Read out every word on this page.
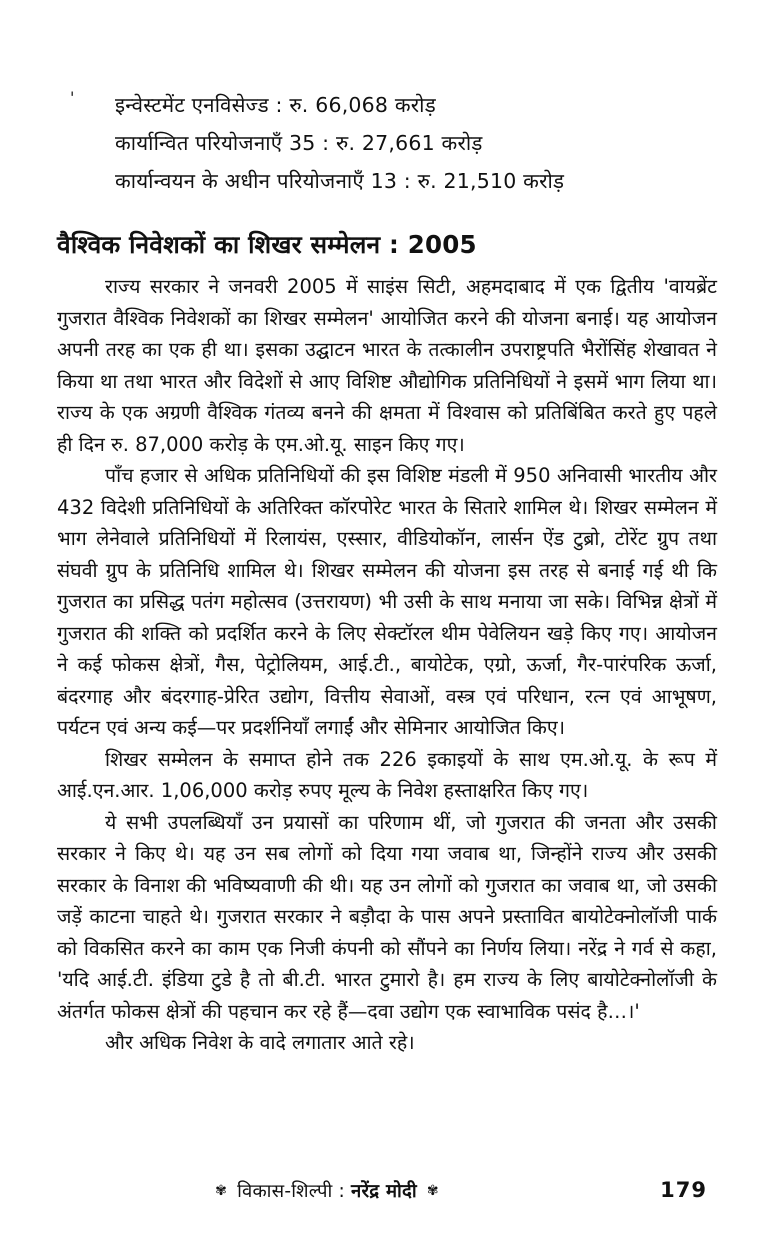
' इन्वेस्टमेंट एनविसेज्ड : रु. 66,068 करोड़
कार्यान्वित परियोजनाएँ 35 : रु. 27,661 करोड़
कार्यान्वयन के अधीन परियोजनाएँ 13 : रु. 21,510 करोड़
वैश्विक निवेशकों का शिखर सम्मेलन : 2005

राज्य सरकार ने जनवरी 2005 में साइंस सिटी, अहमदाबाद में एक द्वितीय 'वायब्रेंट गुजरात वैश्विक निवेशकों का शिखर सम्मेलन' आयोजित करने की योजना बनाई। यह आयोजन अपनी तरह का एक ही था। इसका उद्घाटन भारत के तत्कालीन उपराष्ट्रपति भैरोंसिंह शेखावत ने किया था तथा भारत और विदेशों से आए विशिष्ट औद्योगिक प्रतिनिधियों ने इसमें भाग लिया था। राज्य के एक अग्रणी वैश्विक गंतव्य बनने की क्षमता में विश्वास को प्रतिबिंबित करते हुए पहले ही दिन रु. 87,000 करोड़ के एम.ओ.यू. साइन किए गए।

पाँच हजार से अधिक प्रतिनिधियों की इस विशिष्ट मंडली में 950 अनिवासी भारतीय और 432 विदेशी प्रतिनिधियों के अतिरिक्त कॉरपोरेट भारत के सितारे शामिल थे। शिखर सम्मेलन में भाग लेनेवाले प्रतिनिधियों में रिलायंस, एस्सार, वीडियोकॉन, लार्सन ऐंड टुब्रो, टोरेंट ग्रुप तथा संघवी ग्रुप के प्रतिनिधि शामिल थे। शिखर सम्मेलन की योजना इस तरह से बनाई गई थी कि गुजरात का प्रसिद्ध पतंग महोत्सव (उत्तरायण) भी उसी के साथ मनाया जा सके। विभिन्न क्षेत्रों में गुजरात की शक्ति को प्रदर्शित करने के लिए सेक्टॉरल थीम पेवेलियन खड़े किए गए। आयोजन ने कई फोकस क्षेत्रों, गैस, पेट्रोलियम, आई.टी., बायोटेक, एग्रो, ऊर्जा, गैर-पारंपरिक ऊर्जा, बंदरगाह और बंदरगाह-प्रेरित उद्योग, वित्तीय सेवाओं, वस्त्र एवं परिधान, रत्न एवं आभूषण, पर्यटन एवं अन्य कई—पर प्रदर्शनियाँ लगाईं और सेमिनार आयोजित किए।

शिखर सम्मेलन के समाप्त होने तक 226 इकाइयों के साथ एम.ओ.यू. के रूप में आई.एन.आर. 1,06,000 करोड़ रुपए मूल्य के निवेश हस्ताक्षरित किए गए।

ये सभी उपलब्धियाँ उन प्रयासों का परिणाम थीं, जो गुजरात की जनता और उसकी सरकार ने किए थे। यह उन सब लोगों को दिया गया जवाब था, जिन्होंने राज्य और उसकी सरकार के विनाश की भविष्यवाणी की थी। यह उन लोगों को गुजरात का जवाब था, जो उसकी जड़ें काटना चाहते थे। गुजरात सरकार ने बड़ौदा के पास अपने प्रस्तावित बायोटेक्नोलॉजी पार्क को विकसित करने का काम एक निजी कंपनी को सौंपने का निर्णय लिया। नरेंद्र ने गर्व से कहा, 'यदि आई.टी. इंडिया टुडे है तो बी.टी. भारत टुमारो है। हम राज्य के लिए बायोटेक्नोलॉजी के अंतर्गत फोकस क्षेत्रों की पहचान कर रहे हैं—दवा उद्योग एक स्वाभाविक पसंद है…।'

और अधिक निवेश के वादे लगातार आते रहे।

✾ विकास-शिल्पी : नरेंद्र मोदी ✾	179
